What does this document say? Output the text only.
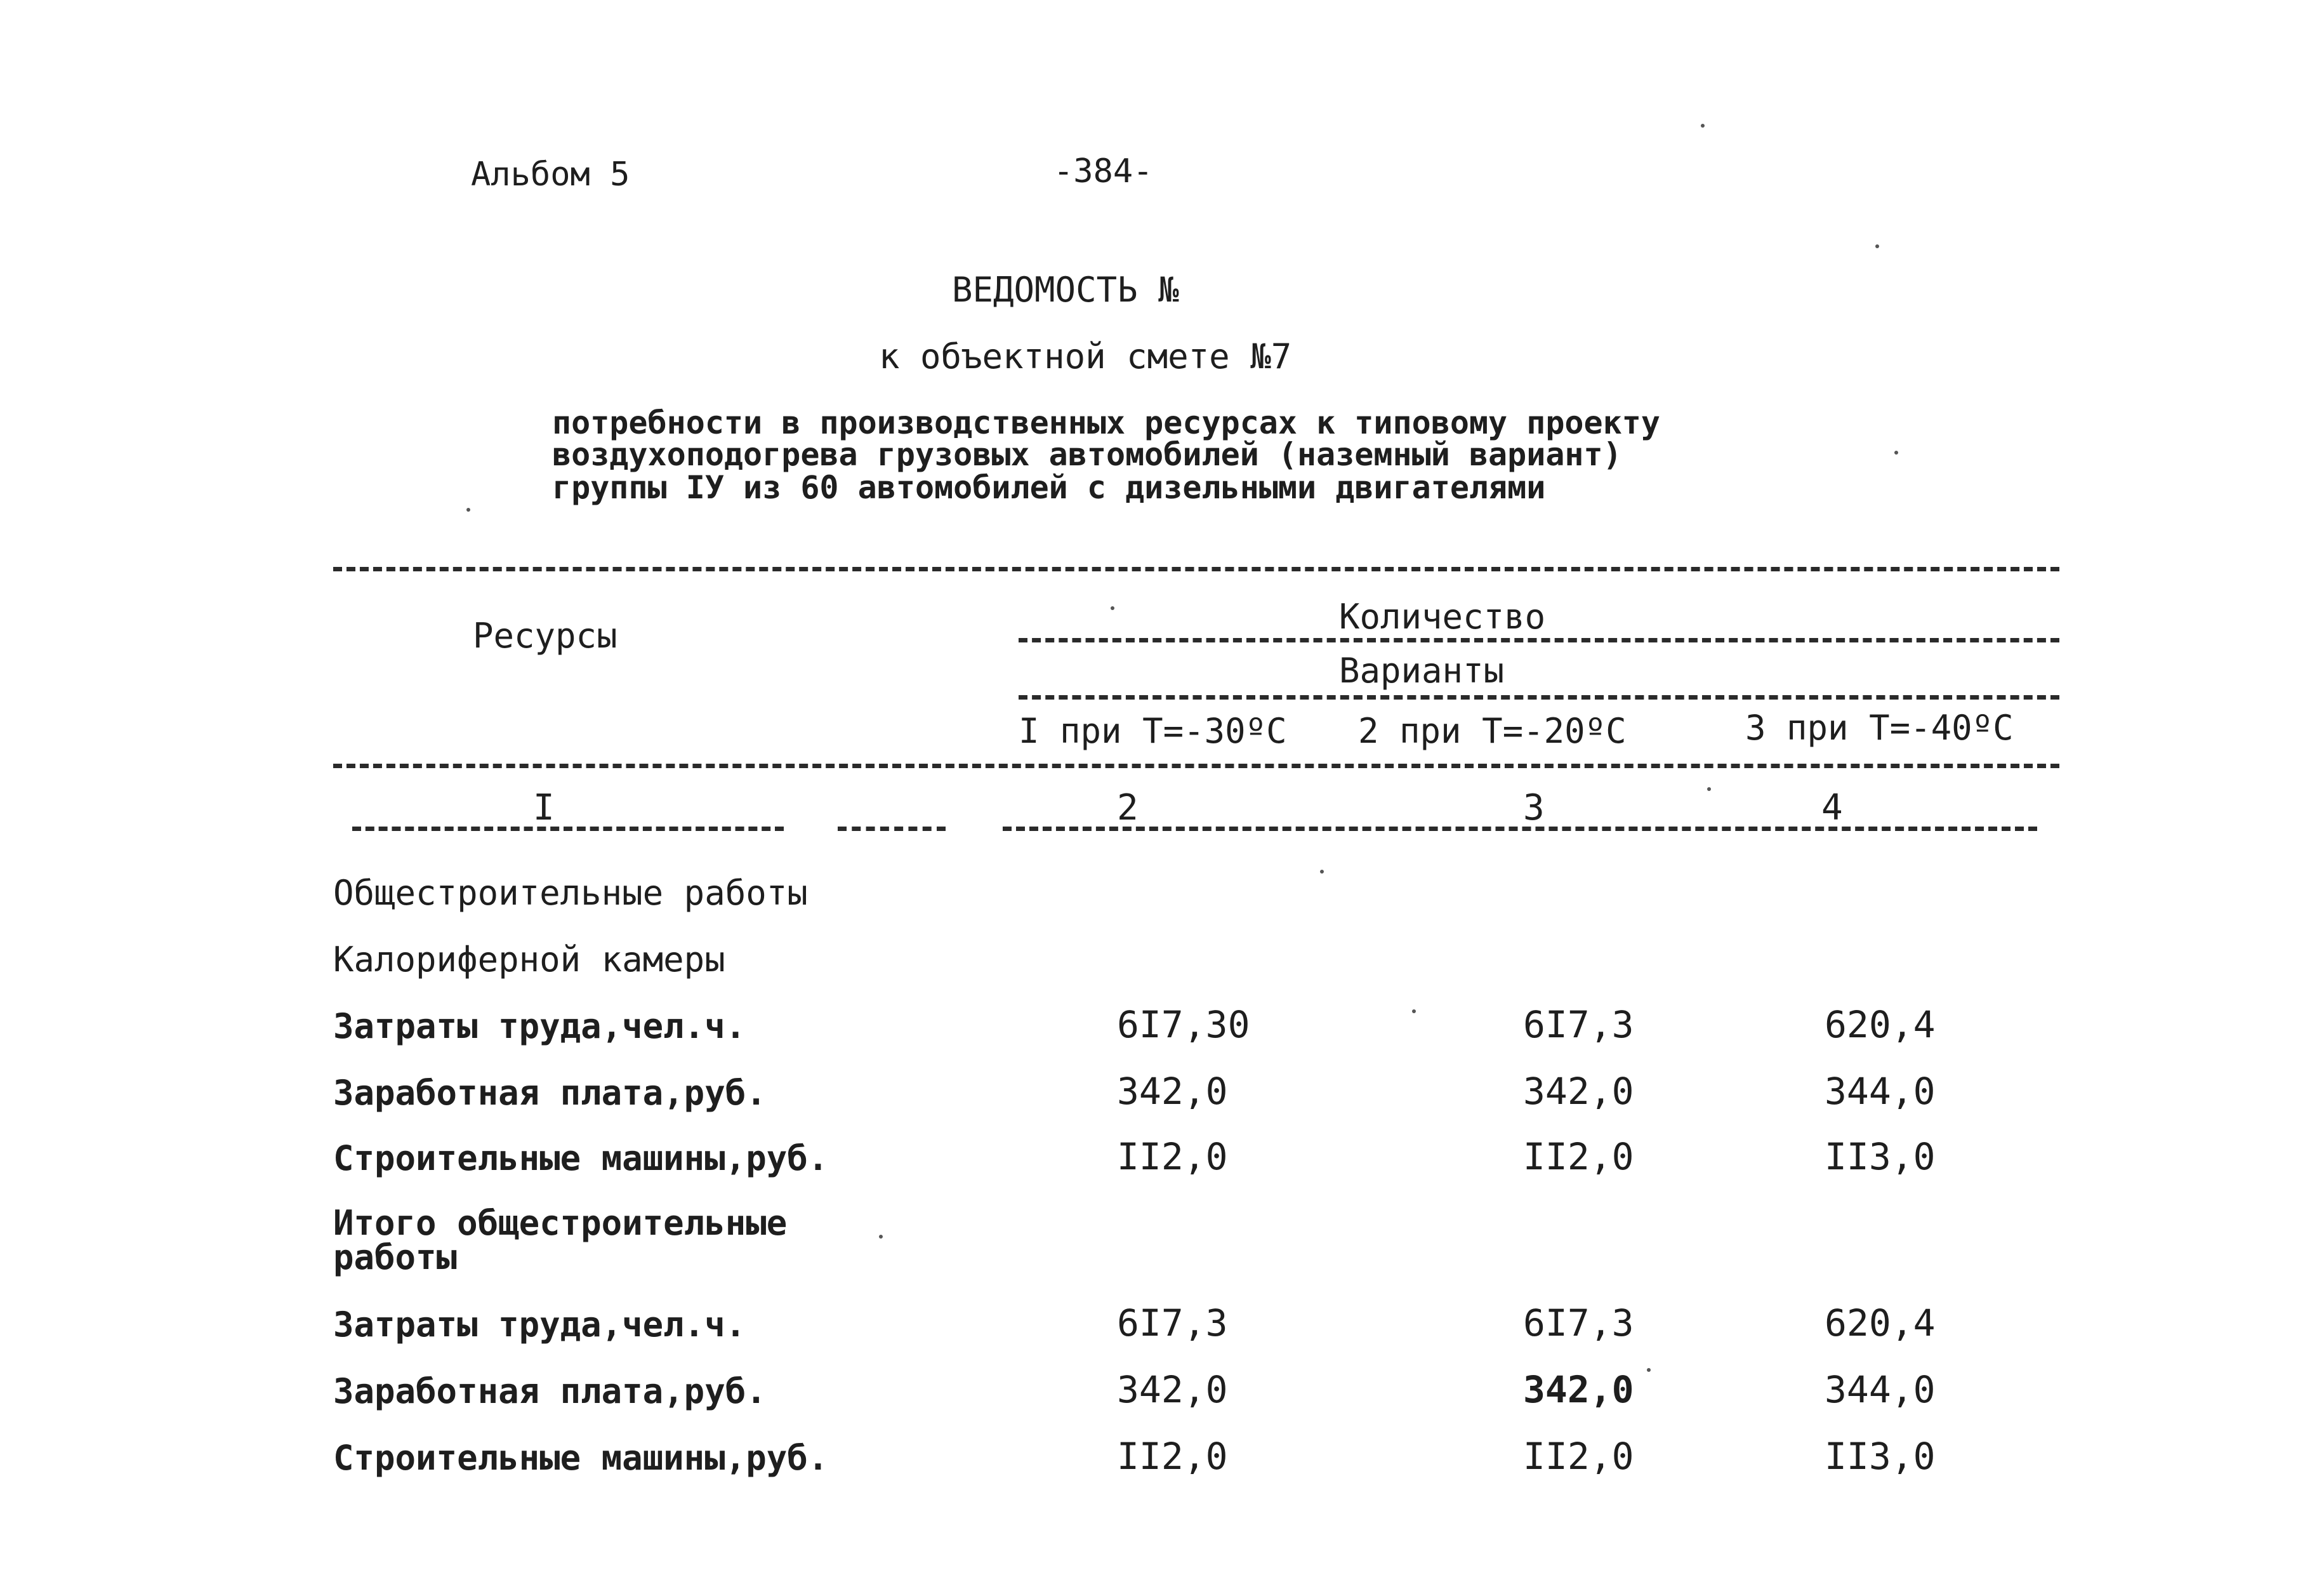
Альбом 5	-384-
ВЕДОМОСТЬ №
к объектной смете №7
потребности в производственных ресурсах к типовому проекту
воздухоподогрева грузовых автомобилей (наземный вариант)
группы IУ из 60 автомобилей с дизельными двигателями
Ресурсы	Количество
Варианты
I при Т=-30ºС 2 при Т=-20ºС	3 при Т=-40ºС
I	2	3	4
Общестроительные работы
Калориферной камеры
Затраты труда,чел.ч.	6I7,30	6I7,3	620,4
Заработная плата,руб.	342,0	342,0	344,0
Строительные машины,руб.	II2,0	II2,0	II3,0
Итого общестроительные
работы
Затраты труда,чел.ч.	6I7,3	6I7,3	620,4
Заработная плата,руб.	342,0	342,0	344,0
Строительные машины,руб.	II2,0	II2,0	II3,0
